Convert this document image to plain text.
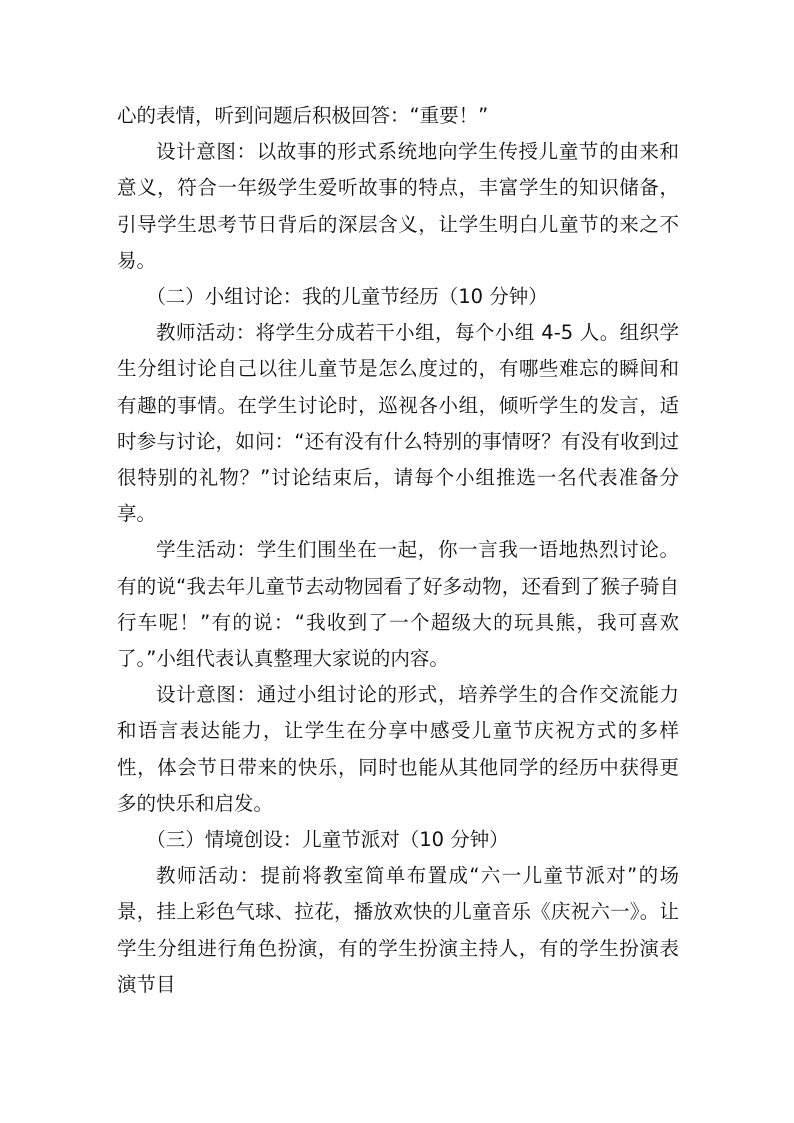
心的表情，听到问题后积极回答：“重要！”

设计意图：以故事的形式系统地向学生传授儿童节的由来和意义，符合一年级学生爱听故事的特点，丰富学生的知识储备，引导学生思考节日背后的深层含义，让学生明白儿童节的来之不易。

（二）小组讨论：我的儿童节经历（10 分钟）

教师活动：将学生分成若干小组，每个小组 4-5 人。组织学生分组讨论自己以往儿童节是怎么度过的，有哪些难忘的瞬间和有趣的事情。在学生讨论时，巡视各小组，倾听学生的发言，适时参与讨论，如问：“还有没有什么特别的事情呀？有没有收到过很特别的礼物？”讨论结束后，请每个小组推选一名代表准备分享。

学生活动：学生们围坐在一起，你一言我一语地热烈讨论。有的说“我去年儿童节去动物园看了好多动物，还看到了猴子骑自行车呢！”有的说：“我收到了一个超级大的玩具熊，我可喜欢了。”小组代表认真整理大家说的内容。

设计意图：通过小组讨论的形式，培养学生的合作交流能力和语言表达能力，让学生在分享中感受儿童节庆祝方式的多样性，体会节日带来的快乐，同时也能从其他同学的经历中获得更多的快乐和启发。

（三）情境创设：儿童节派对（10 分钟）

教师活动：提前将教室简单布置成“六一儿童节派对”的场景，挂上彩色气球、拉花，播放欢快的儿童音乐《庆祝六一》。让学生分组进行角色扮演，有的学生扮演主持人，有的学生扮演表演节目
